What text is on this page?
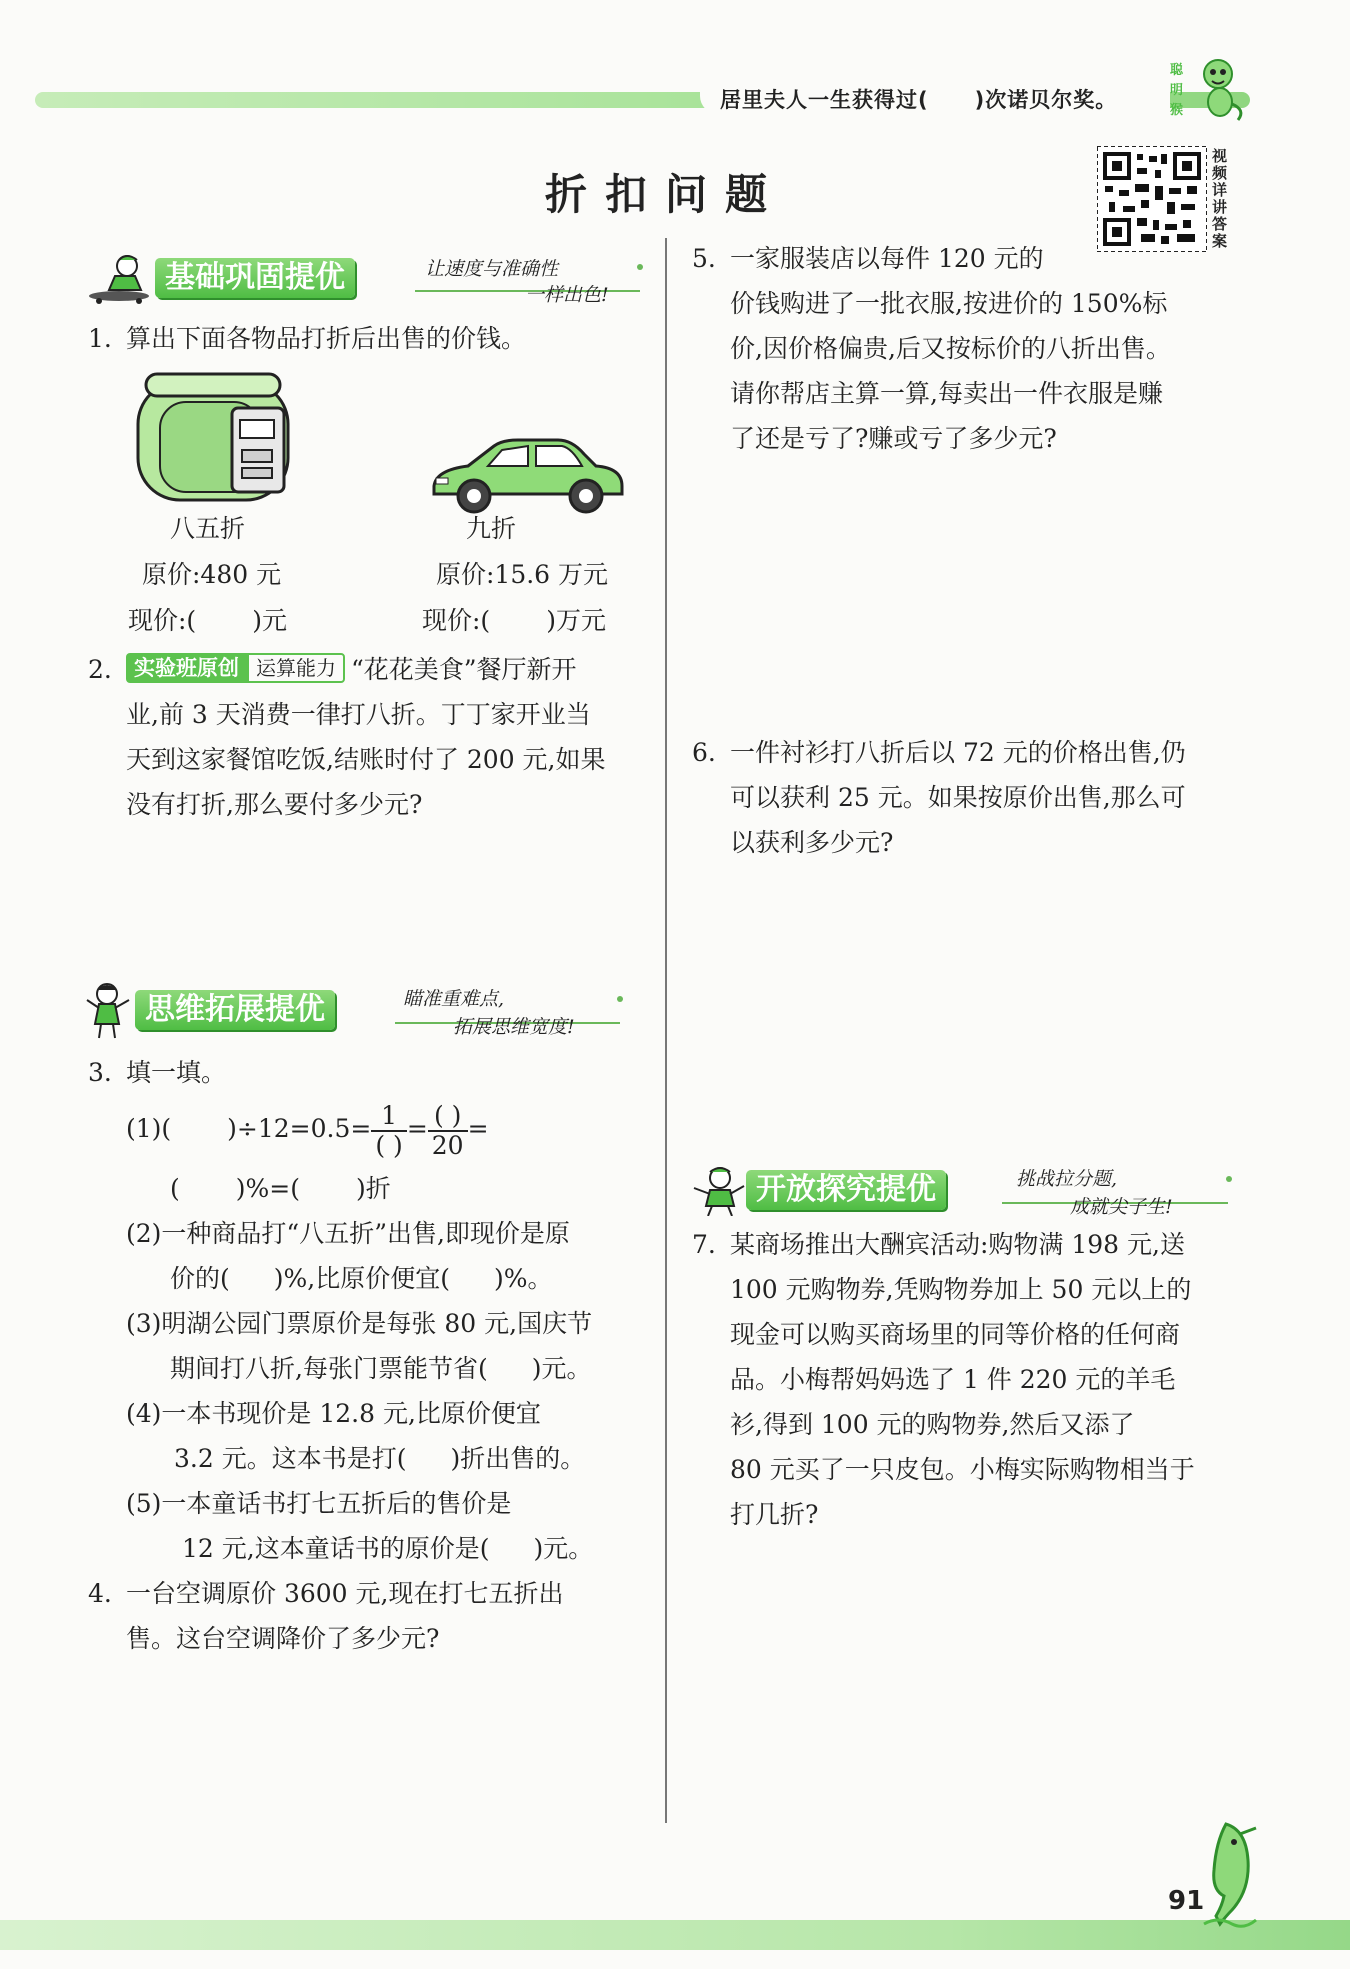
居里夫人一生获得过( )次诺贝尔奖。
聪
明
猴
折扣问题
视频详讲答案
基础巩固提优	让速度与准确性
一样出色!
1. 算出下面各物品打折后出售的价钱。
八五折	九折
原价:480 元	原价:15.6 万元
现价:( )元	现价:( )万元
2.	实验班原创 运算能力 “花花美食”餐厅新开
业,前 3 天消费一律打八折。丁丁家开业当
天到这家餐馆吃饭,结账时付了 200 元,如果
没有打折,那么要付多少元?
思维拓展提优	瞄准重难点,
拓展思维宽度!
3. 填一填。
(1)( )$\div 12=0.5= \frac{1}{( )} = \frac{( )}{20}$ =
( )%=( )折
(2)一种商品打“八五折”出售,即现价是原
价的( )%,比原价便宜( )%。
(3)明湖公园门票原价是每张 80 元,国庆节
期间打八折,每张门票能节省( )元。
(4)一本书现价是 12.8 元,比原价便宜
3.2 元。这本书是打( )折出售的。
(5)一本童话书打七五折后的售价是
12 元,这本童话书的原价是( )元。
4. 一台空调原价 3600 元,现在打七五折出
售。这台空调降价了多少元?
5. 一家服装店以每件 120 元的
价钱购进了一批衣服,按进价的 150%标
价,因价格偏贵,后又按标价的八折出售。
请你帮店主算一算,每卖出一件衣服是赚
了还是亏了?赚或亏了多少元?
6. 一件衬衫打八折后以 72 元的价格出售,仍
可以获利 25 元。如果按原价出售,那么可
以获利多少元?
开放探究提优	挑战拉分题,
成就尖子生!
7. 某商场推出大酬宾活动:购物满 198 元,送
100 元购物券,凭购物券加上 50 元以上的
现金可以购买商场里的同等价格的任何商
品。小梅帮妈妈选了 1 件 220 元的羊毛
衫,得到 100 元的购物券,然后又添了
80 元买了一只皮包。小梅实际购物相当于
打几折?
91
